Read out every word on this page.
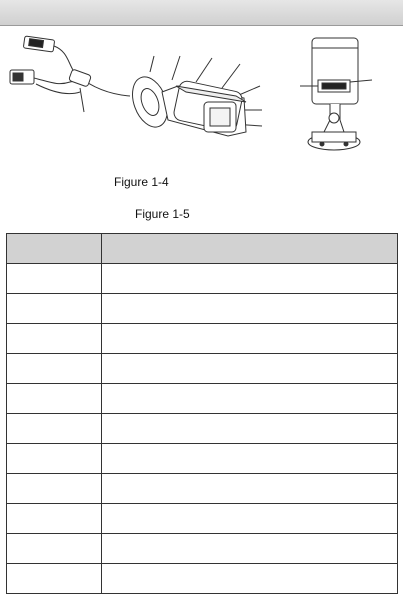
Figure 1-4
Figure 1-5
